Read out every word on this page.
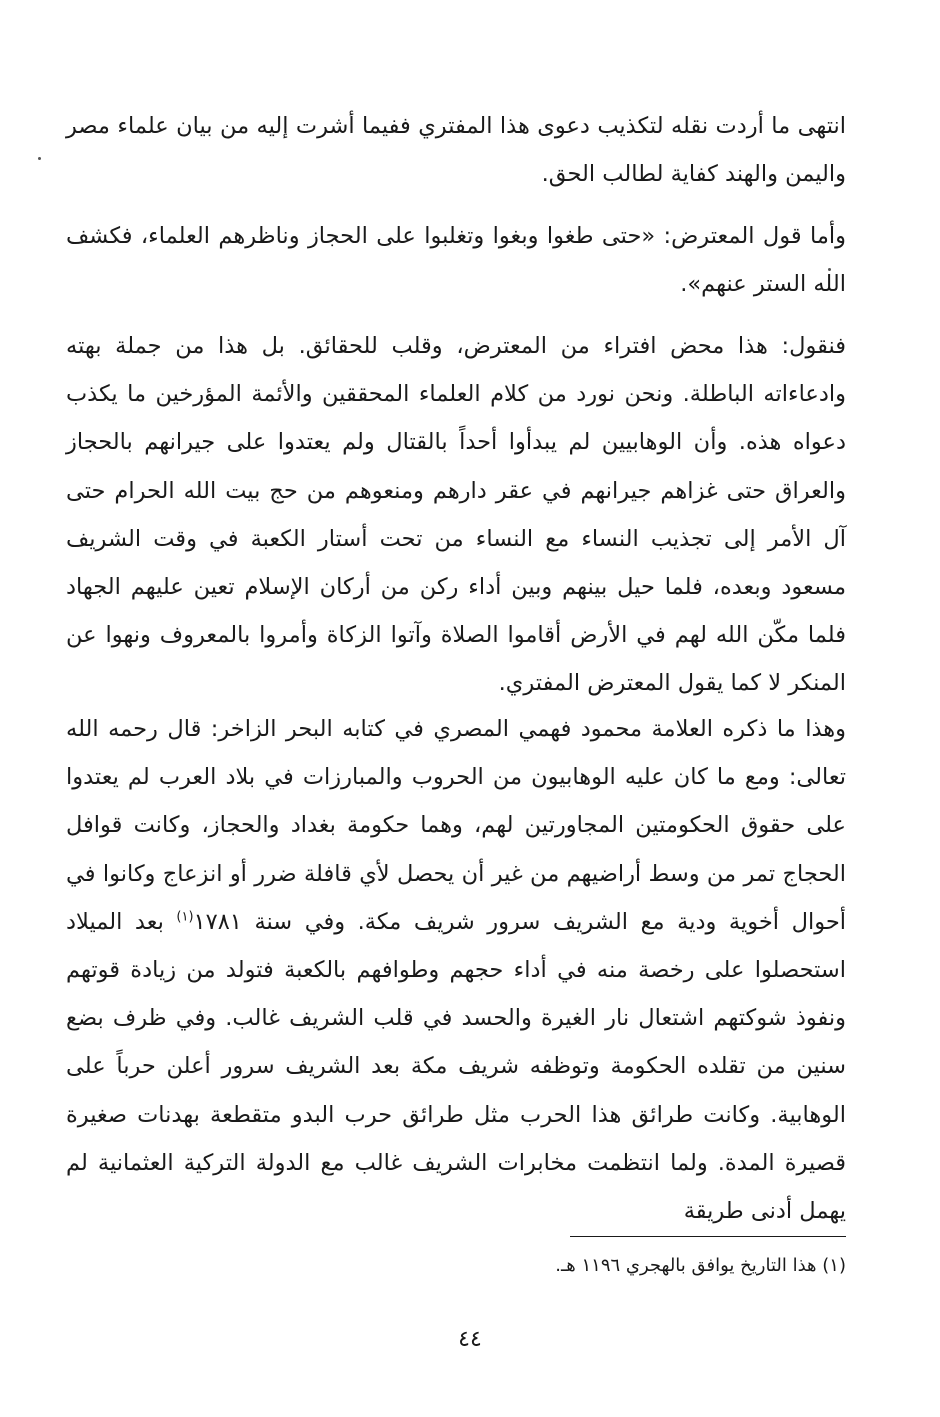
انتهى ما أردت نقله لتكذيب دعوى هذا المفتري ففيما أشرت إليه من بيان علماء مصر واليمن والهند كفاية لطالب الحق.

وأما قول المعترض: «حتى طغوا وبغوا وتغلبوا على الحجاز وناظرهم العلماء، فكشف الله الستر عنهم».

فنقول: هذا محض افتراء من المعترض، وقلب للحقائق. بل هذا من جملة بهته وادعاءاته الباطلة. ونحن نورد من كلام العلماء المحققين والأئمة المؤرخين ما يكذب دعواه هذه. وأن الوهابيين لم يبدأوا أحداً بالقتال ولم يعتدوا على جيرانهم بالحجاز والعراق حتى غزاهم جيرانهم في عقر دارهم ومنعوهم من حج بيت الله الحرام حتى آل الأمر إلى تجذيب النساء مع النساء من تحت أستار الكعبة في وقت الشريف مسعود وبعده، فلما حيل بينهم وبين أداء ركن من أركان الإسلام تعين عليهم الجهاد فلما مكّن الله لهم في الأرض أقاموا الصلاة وآتوا الزكاة وأمروا بالمعروف ونهوا عن المنكر لا كما يقول المعترض المفتري.

وهذا ما ذكره العلامة محمود فهمي المصري في كتابه البحر الزاخر: قال رحمه الله تعالى: ومع ما كان عليه الوهابيون من الحروب والمبارزات في بلاد العرب لم يعتدوا على حقوق الحكومتين المجاورتين لهم، وهما حكومة بغداد والحجاز، وكانت قوافل الحجاج تمر من وسط أراضيهم من غير أن يحصل لأي قافلة ضرر أو انزعاج وكانوا في أحوال أخوية ودية مع الشريف سرور شريف مكة. وفي سنة ١٧٨١$^{(١)}$ بعد الميلاد استحصلوا على رخصة منه في أداء حجهم وطوافهم بالكعبة فتولد من زيادة قوتهم ونفوذ شوكتهم اشتعال نار الغيرة والحسد في قلب الشريف غالب. وفي ظرف بضع سنين من تقلده الحكومة وتوظفه شريف مكة بعد الشريف سرور أعلن حرباً على الوهابية. وكانت طرائق هذا الحرب مثل طرائق حرب البدو متقطعة بهدنات صغيرة قصيرة المدة. ولما انتظمت مخابرات الشريف غالب مع الدولة التركية العثمانية لم يهمل أدنى طريقة

(١) هذا التاريخ يوافق بالهجري ١١٩٦ هـ.
٤٤
